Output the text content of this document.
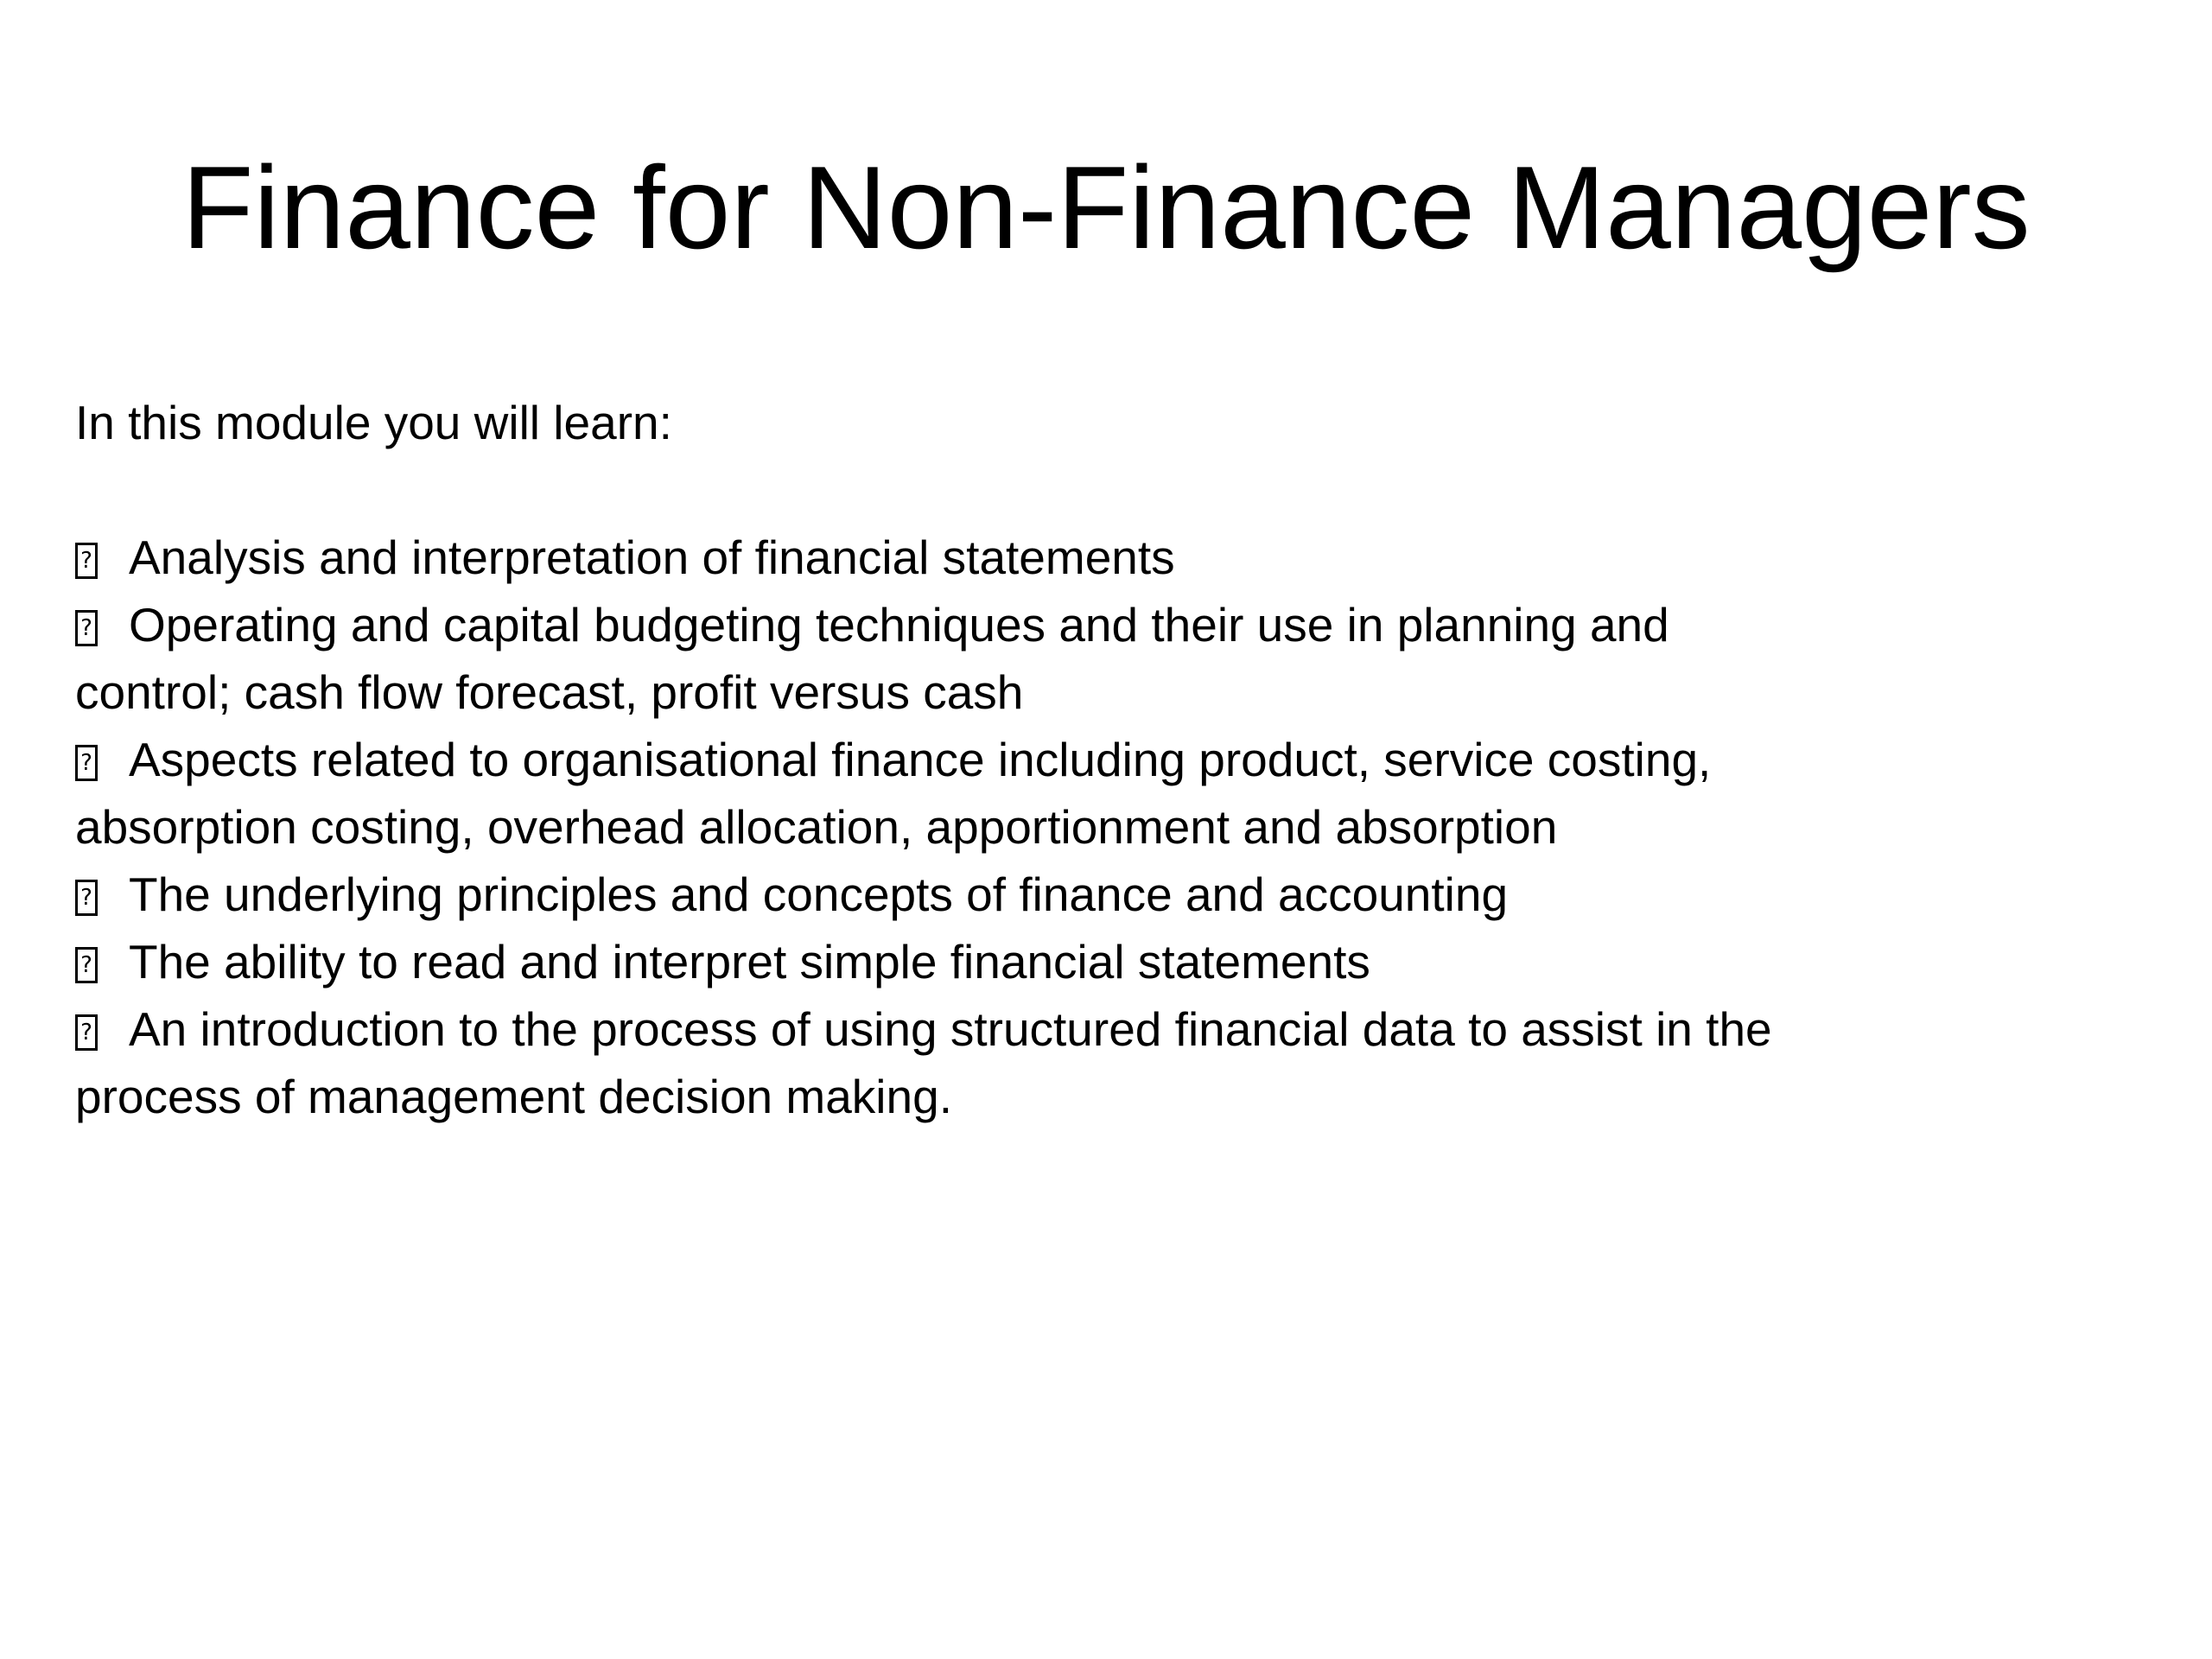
Finance for Non-Finance Managers

In this module you will learn:

?Analysis and interpretation of financial statements
?Operating and capital budgeting techniques and their use in planning and control; cash flow forecast, profit versus cash
?Aspects related to organisational finance including product, service costing, absorption costing, overhead allocation, apportionment and absorption
?The underlying principles and concepts of finance and accounting
?The ability to read and interpret simple financial statements
?An introduction to the process of using structured financial data to assist in the process of management decision making.
